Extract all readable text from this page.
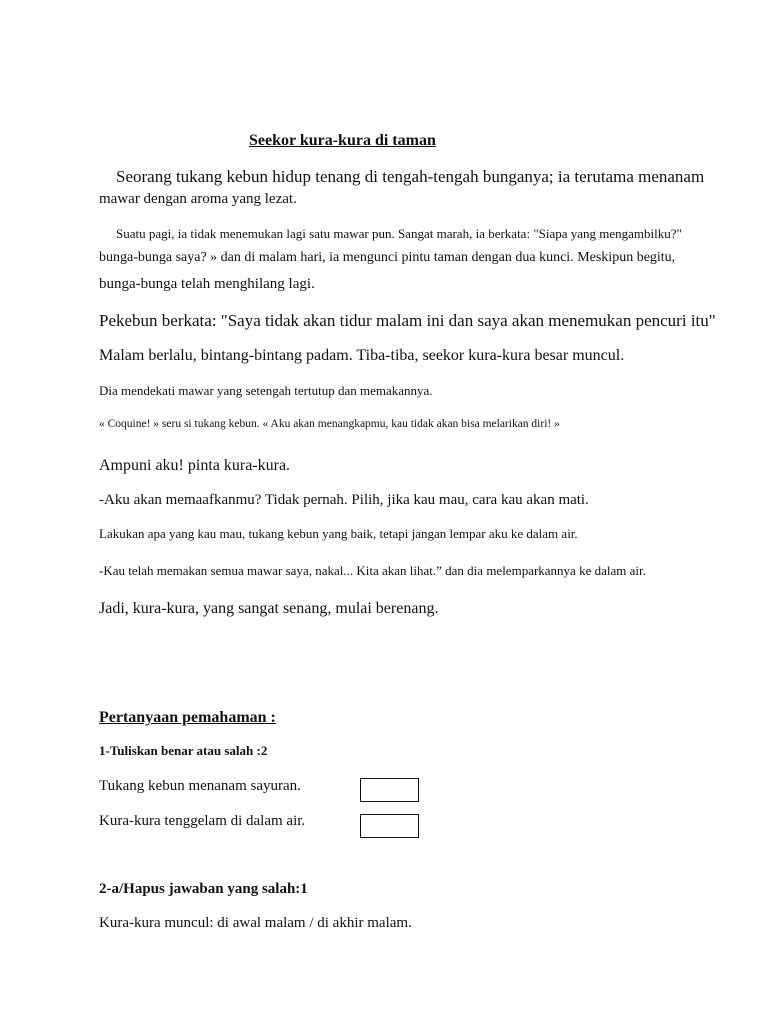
Seekor kura-kura di taman
Seorang tukang kebun hidup tenang di tengah-tengah bunganya; ia terutama menanam
mawar dengan aroma yang lezat.
Suatu pagi, ia tidak menemukan lagi satu mawar pun. Sangat marah, ia berkata: "Siapa yang mengambilku?"
bunga-bunga saya? » dan di malam hari, ia mengunci pintu taman dengan dua kunci. Meskipun begitu,
bunga-bunga telah menghilang lagi.
Pekebun berkata: "Saya tidak akan tidur malam ini dan saya akan menemukan pencuri itu"
Malam berlalu, bintang-bintang padam. Tiba-tiba, seekor kura-kura besar muncul.
Dia mendekati mawar yang setengah tertutup dan memakannya.
« Coquine! » seru si tukang kebun. « Aku akan menangkapmu, kau tidak akan bisa melarikan diri! »
Ampuni aku! pinta kura-kura.
-Aku akan memaafkanmu? Tidak pernah. Pilih, jika kau mau, cara kau akan mati.
Lakukan apa yang kau mau, tukang kebun yang baik, tetapi jangan lempar aku ke dalam air.
-Kau telah memakan semua mawar saya, nakal... Kita akan lihat.” dan dia melemparkannya ke dalam air.
Jadi, kura-kura, yang sangat senang, mulai berenang.
Pertanyaan pemahaman :
1-Tuliskan benar atau salah :2
Tukang kebun menanam sayuran.
Kura-kura tenggelam di dalam air.
2-a/Hapus jawaban yang salah:1
Kura-kura muncul: di awal malam / di akhir malam.
